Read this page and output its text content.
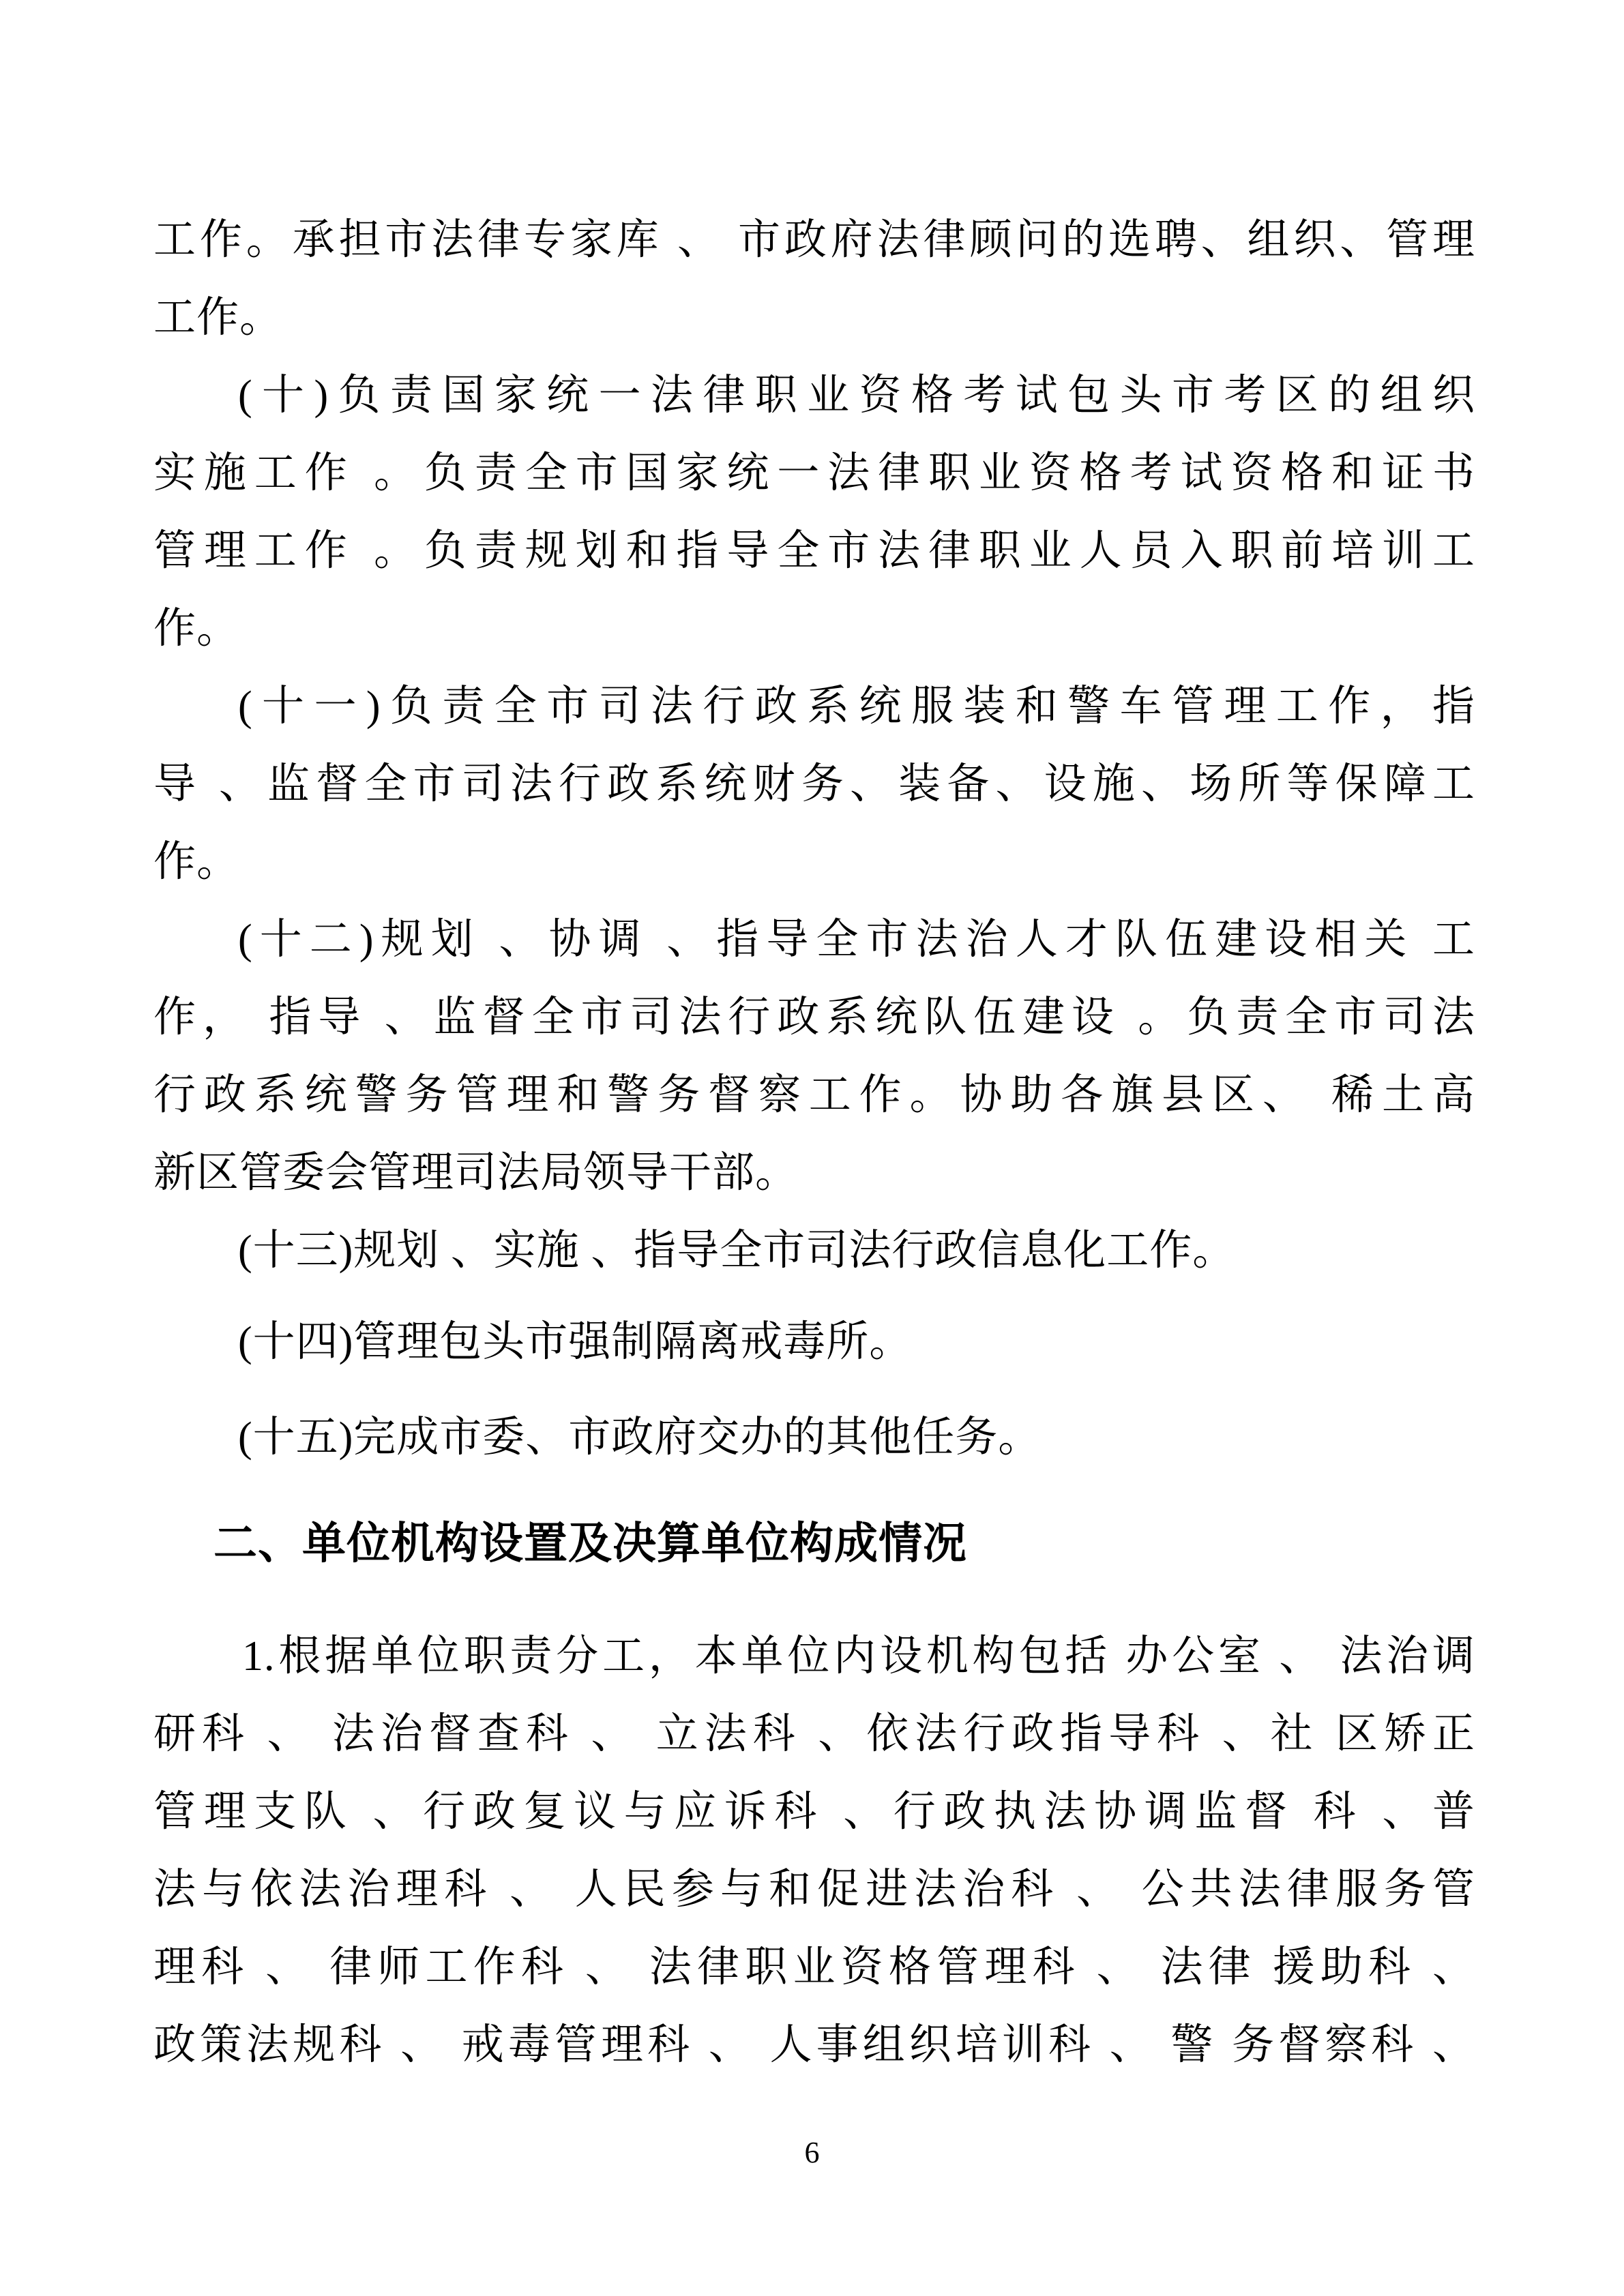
工作。承担市法律专家库 、 市政府法律顾问的选聘、组织、管理
工作。
(十)负责国家统一法律职业资格考试包头市考区的组织
实施工作 。负责全市国家统一法律职业资格考试资格和证书
管理工作 。负责规划和指导全市法律职业人员入职前培训工
作。
(十一)负责全市司法行政系统服装和警车管理工作，指
导 、监督全市司法行政系统财务、装备、设施、场所等保障工
作。
(十二)规划 、协调 、指导全市法治人才队伍建设相关 工
作， 指导 、监督全市司法行政系统队伍建设 。负责全市司法
行政系统警务管理和警务督察工作。协助各旗县区、 稀土高
新区管委会管理司法局领导干部。
(十三)规划 、实施 、指导全市司法行政信息化工作。
(十四)管理包头市强制隔离戒毒所。
(十五)完成市委、市政府交办的其他任务。
二、单位机构设置及决算单位构成情况
1.根据单位职责分工，本单位内设机构包括 办公室 、 法治调
研科 、 法治督查科 、 立法科 、依法行政指导科 、社 区矫正
管理支队 、行政复议与应诉科 、行政执法协调监督 科 、普
法与依法治理科 、 人民参与和促进法治科 、 公共法律服务管
理科 、 律师工作科 、 法律职业资格管理科 、 法律 援助科 、
政策法规科 、 戒毒管理科 、 人事组织培训科 、 警 务督察科 、
6
